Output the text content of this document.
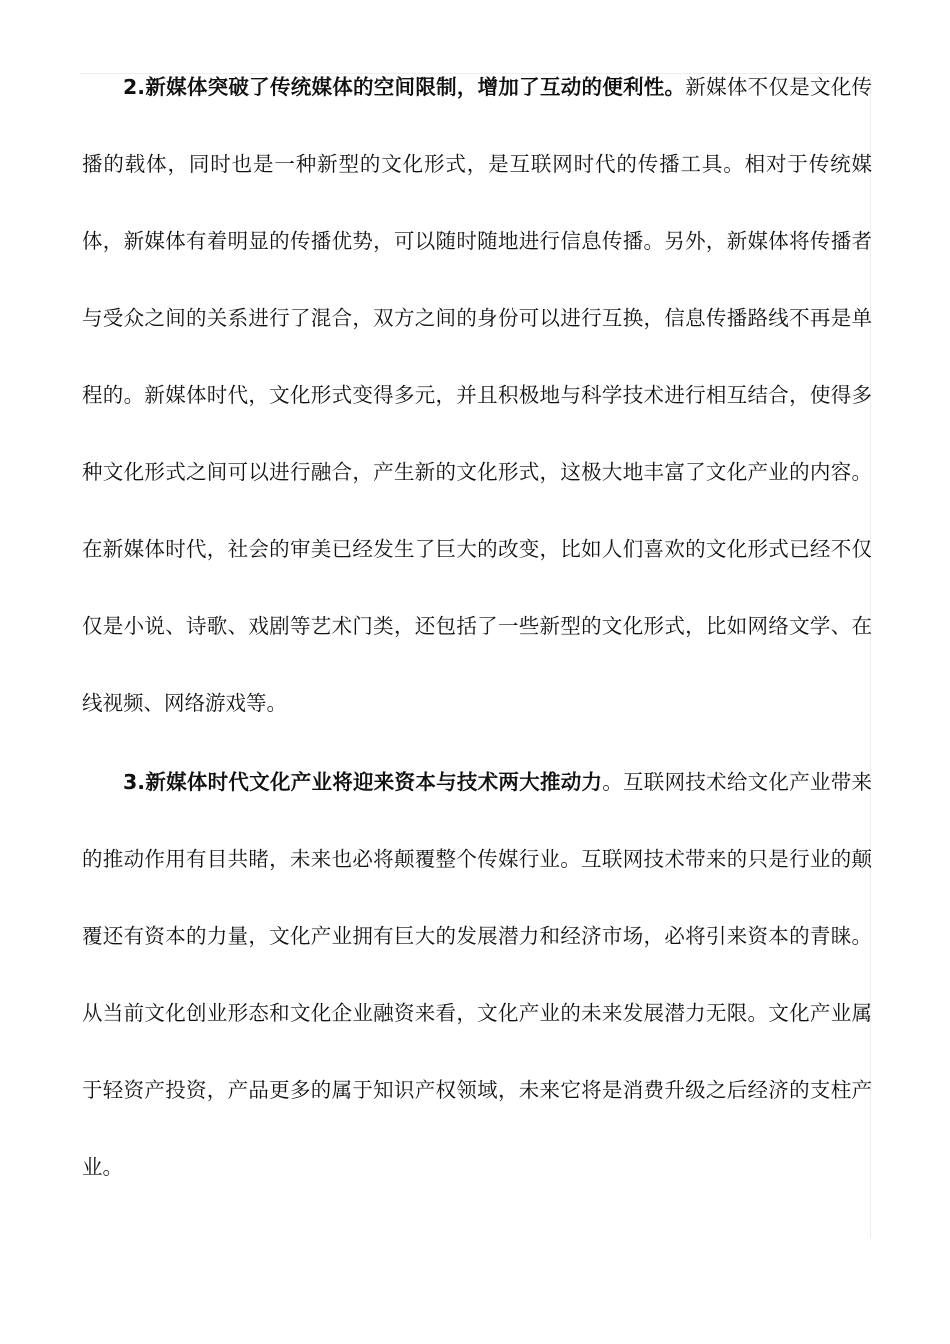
2.新媒体突破了传统媒体的空间限制，增加了互动的便利性。新媒体不仅是文化传播的载体，同时也是一种新型的文化形式，是互联网时代的传播工具。相对于传统媒体，新媒体有着明显的传播优势，可以随时随地进行信息传播。另外，新媒体将传播者与受众之间的关系进行了混合，双方之间的身份可以进行互换，信息传播路线不再是单程的。新媒体时代，文化形式变得多元，并且积极地与科学技术进行相互结合，使得多种文化形式之间可以进行融合，产生新的文化形式，这极大地丰富了文化产业的内容。在新媒体时代，社会的审美已经发生了巨大的改变，比如人们喜欢的文化形式已经不仅仅是小说、诗歌、戏剧等艺术门类，还包括了一些新型的文化形式，比如网络文学、在线视频、网络游戏等。

3.新媒体时代文化产业将迎来资本与技术两大推动力。互联网技术给文化产业带来的推动作用有目共睹，未来也必将颠覆整个传媒行业。互联网技术带来的只是行业的颠覆还有资本的力量，文化产业拥有巨大的发展潜力和经济市场，必将引来资本的青睐。从当前文化创业形态和文化企业融资来看，文化产业的未来发展潜力无限。文化产业属于轻资产投资，产品更多的属于知识产权领域，未来它将是消费升级之后经济的支柱产业。
